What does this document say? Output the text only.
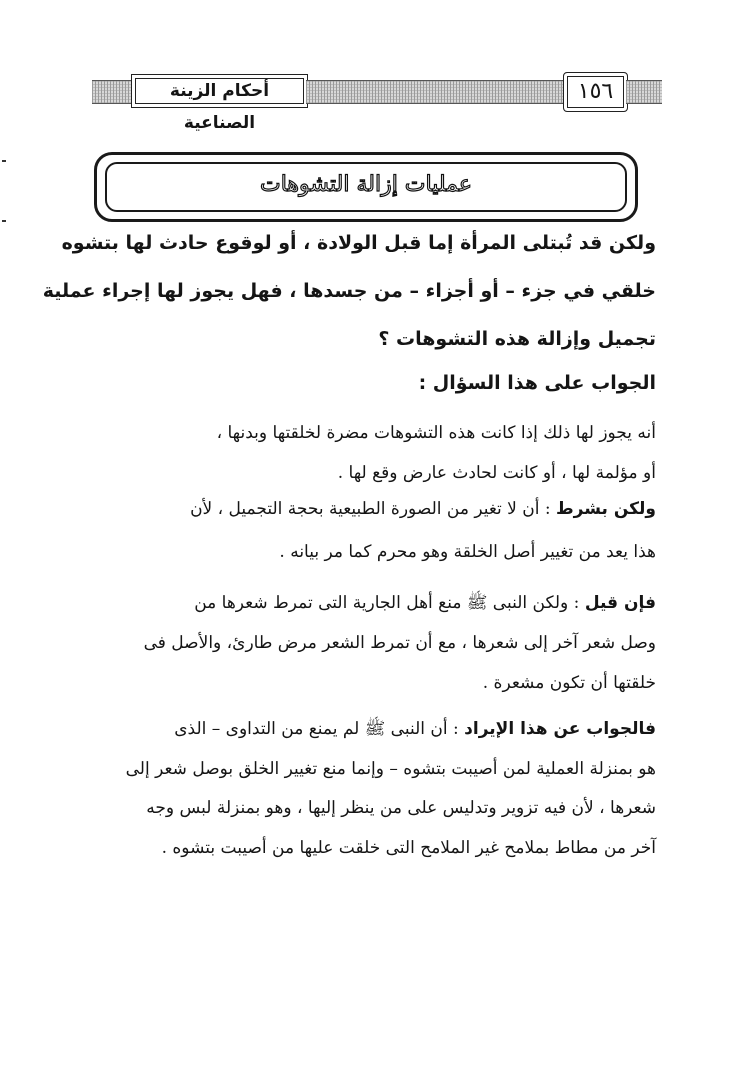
أحكام الزينة الصناعية
١٥٦
عمليات إزالة التشوهات

ولكن قد تُبتلى المرأة إما قبل الولادة ، أو لوقوع حادث لها بتشوه

خلقي في جزء – أو أجزاء – من جسدها ، فهل يجوز لها إجراء عملية

تجميل وإزالة هذه التشوهات ؟

الجواب على هذا السؤال :

أنه يجوز لها ذلك إذا كانت هذه التشوهات مضرة لخلقتها وبدنها ،

أو مؤلمة لها ، أو كانت لحادث عارض وقع لها .

ولكن بشرط : أن لا تغير من الصورة الطبيعية بحجة التجميل ، لأن

هذا يعد من تغيير أصل الخلقة وهو محرم كما مر بيانه .

فإن قيل : ولكن النبى ﷺ منع أهل الجارية التى تمرط شعرها من

وصل شعر آخر إلى شعرها ، مع أن تمرط الشعر مرض طارئ، والأصل فى

خلقتها أن تكون مشعرة .

فالجواب عن هذا الإيراد : أن النبى ﷺ لم يمنع من التداوى – الذى

هو بمنزلة العملية لمن أصيبت بتشوه – وإنما منع تغيير الخلق بوصل شعر إلى

شعرها ، لأن فيه تزوير وتدليس على من ينظر إليها ، وهو بمنزلة لبس وجه

آخر من مطاط بملامح غير الملامح التى خلقت عليها من أصيبت بتشوه .
